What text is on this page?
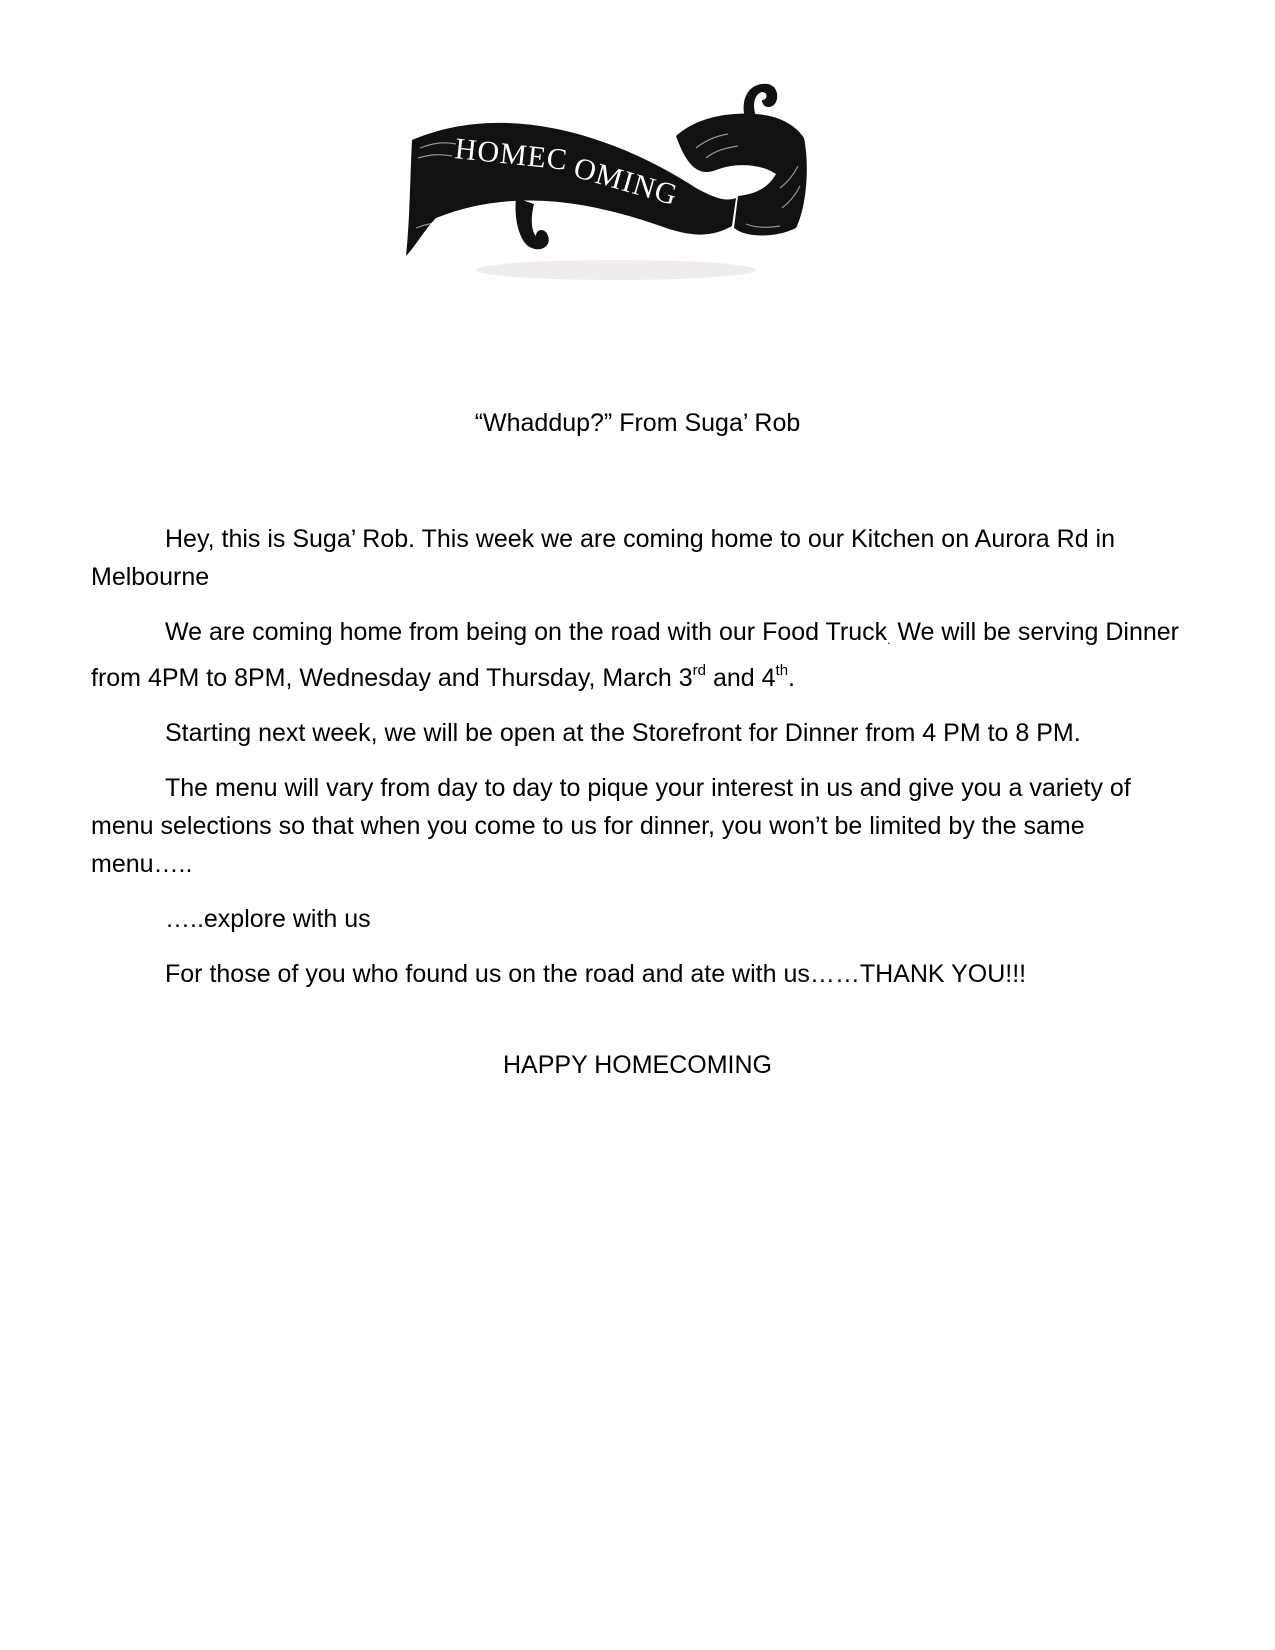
HOMEC OMING
“Whaddup?” From Suga’ Rob

Hey, this is Suga’ Rob. This week we are coming home to our Kitchen on Aurora Rd in Melbourne

We are coming home from being on the road with our Food Truck. We will be serving Dinner from 4PM to 8PM, Wednesday and Thursday, March 3rd and 4th.

Starting next week, we will be open at the Storefront for Dinner from 4 PM to 8 PM.

The menu will vary from day to day to pique your interest in us and give you a variety of menu selections so that when you come to us for dinner, you won’t be limited by the same menu…..

…..explore with us

For those of you who found us on the road and ate with us……THANK YOU!!!

HAPPY HOMECOMING
